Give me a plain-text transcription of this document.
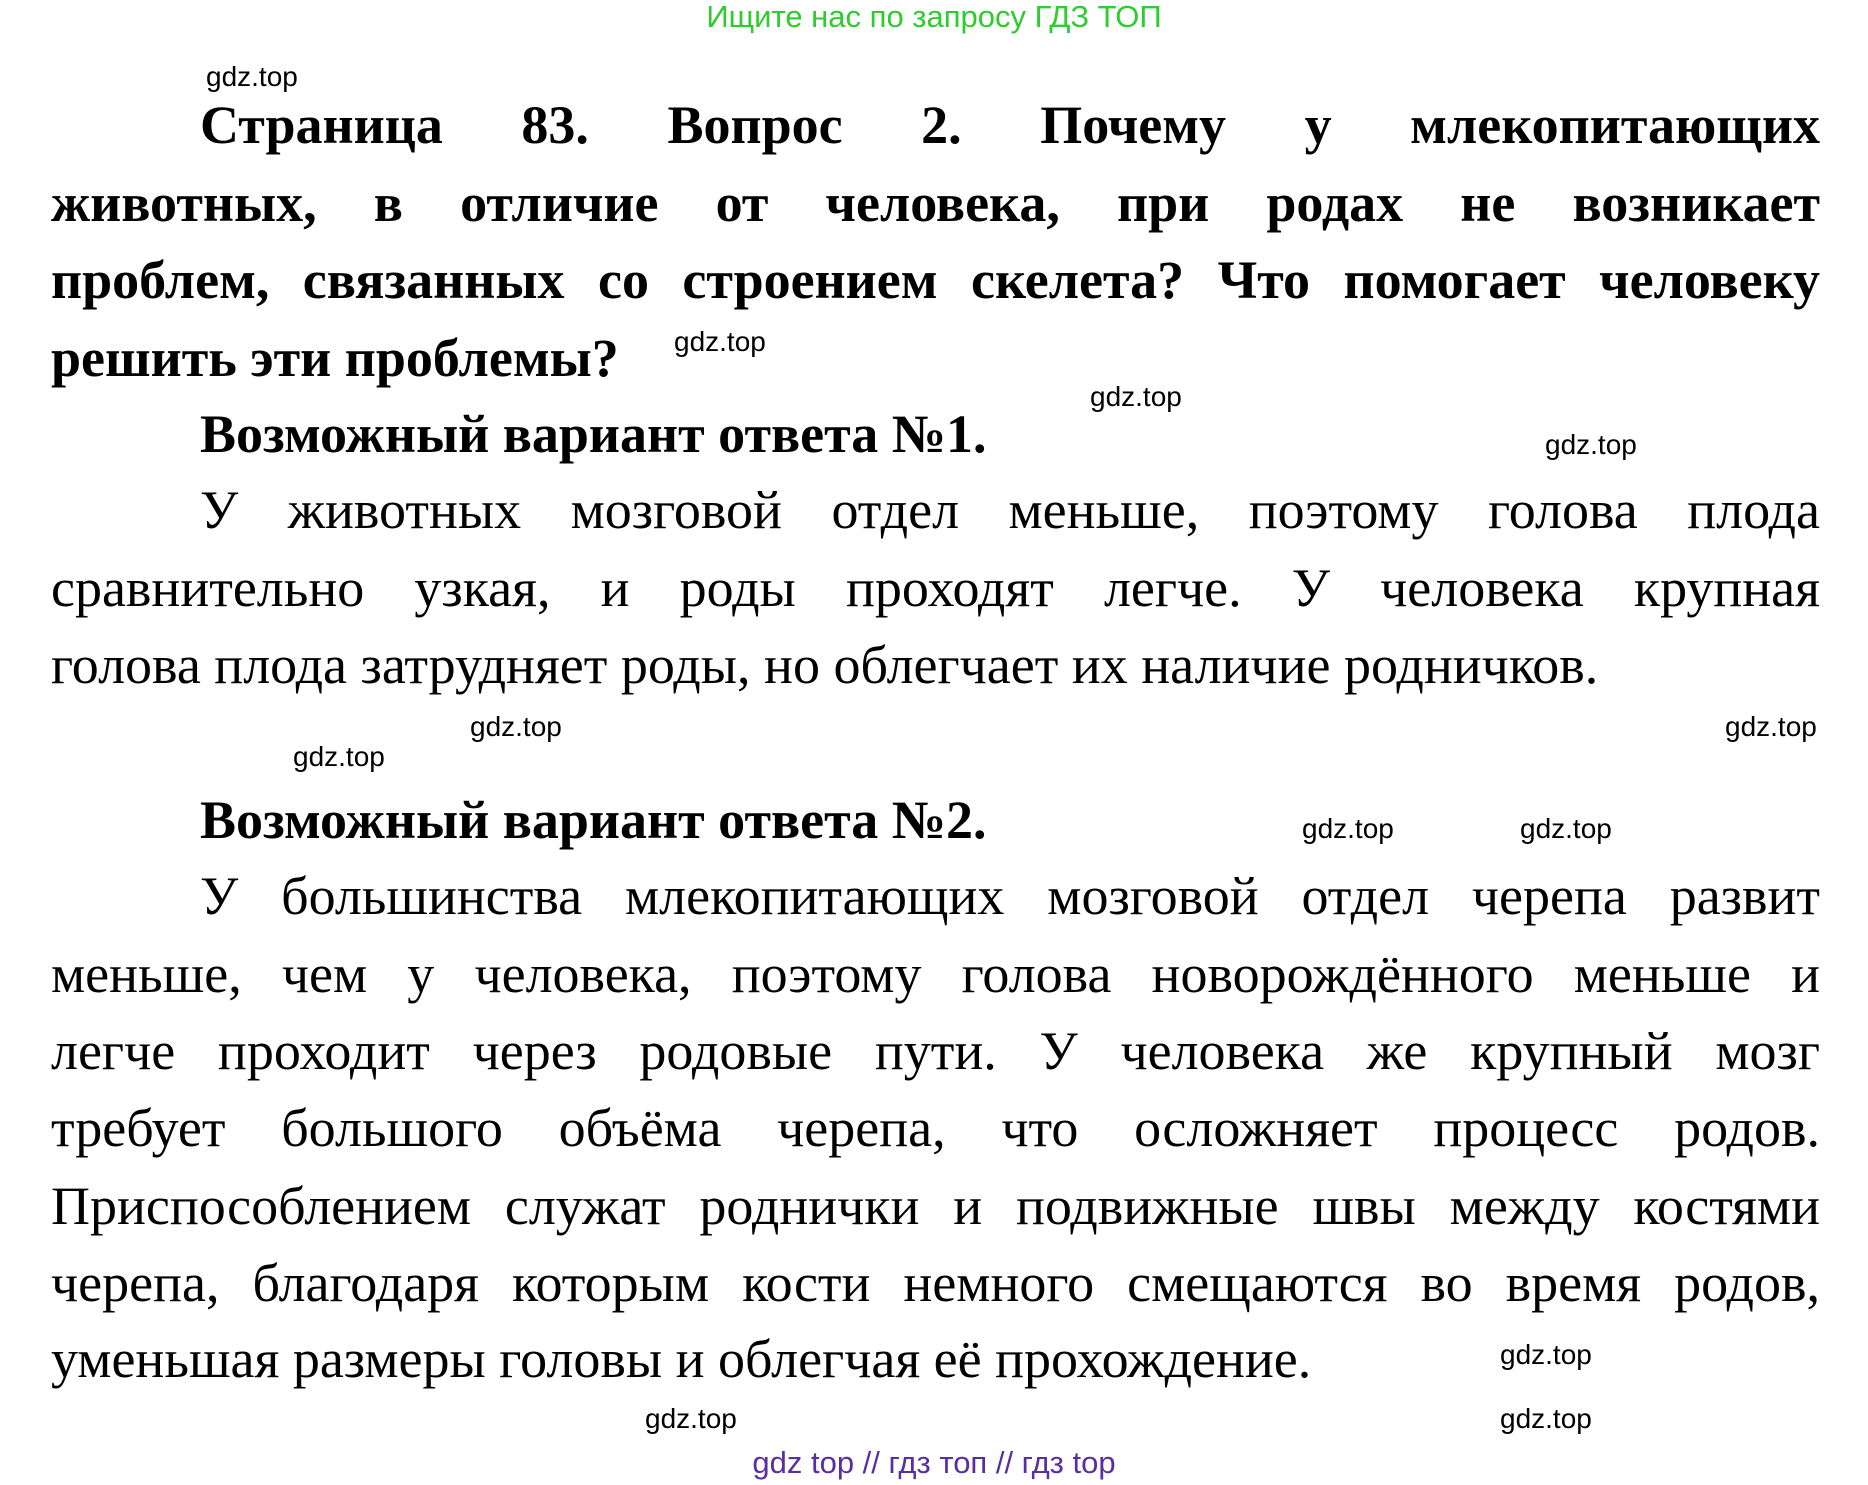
Ищите нас по запросу ГДЗ ТОП
Страница 83. Вопрос 2. Почему у млекопитающих
животных, в отличие от человека, при родах не возникает
проблем, связанных со строением скелета? Что помогает человеку
решить эти проблемы?
Возможный вариант ответа №1.
У животных мозговой отдел меньше, поэтому голова плода
сравнительно узкая, и роды проходят легче. У человека крупная
голова плода затрудняет роды, но облегчает их наличие родничков.
Возможный вариант ответа №2.
У большинства млекопитающих мозговой отдел черепа развит
меньше, чем у человека, поэтому голова новорождённого меньше и
легче проходит через родовые пути. У человека же крупный мозг
требует большого объёма черепа, что осложняет процесс родов.
Приспособлением служат роднички и подвижные швы между костями
черепа, благодаря которым кости немного смещаются во время родов,
уменьшая размеры головы и облегчая её прохождение.
gdz.top
gdz.top
gdz.top
gdz.top
gdz.top	gdz.top
gdz.top
gdz.top	gdz.top
gdz.top
gdz.top
gdz.top
gdz top // гдз топ // гдз top
